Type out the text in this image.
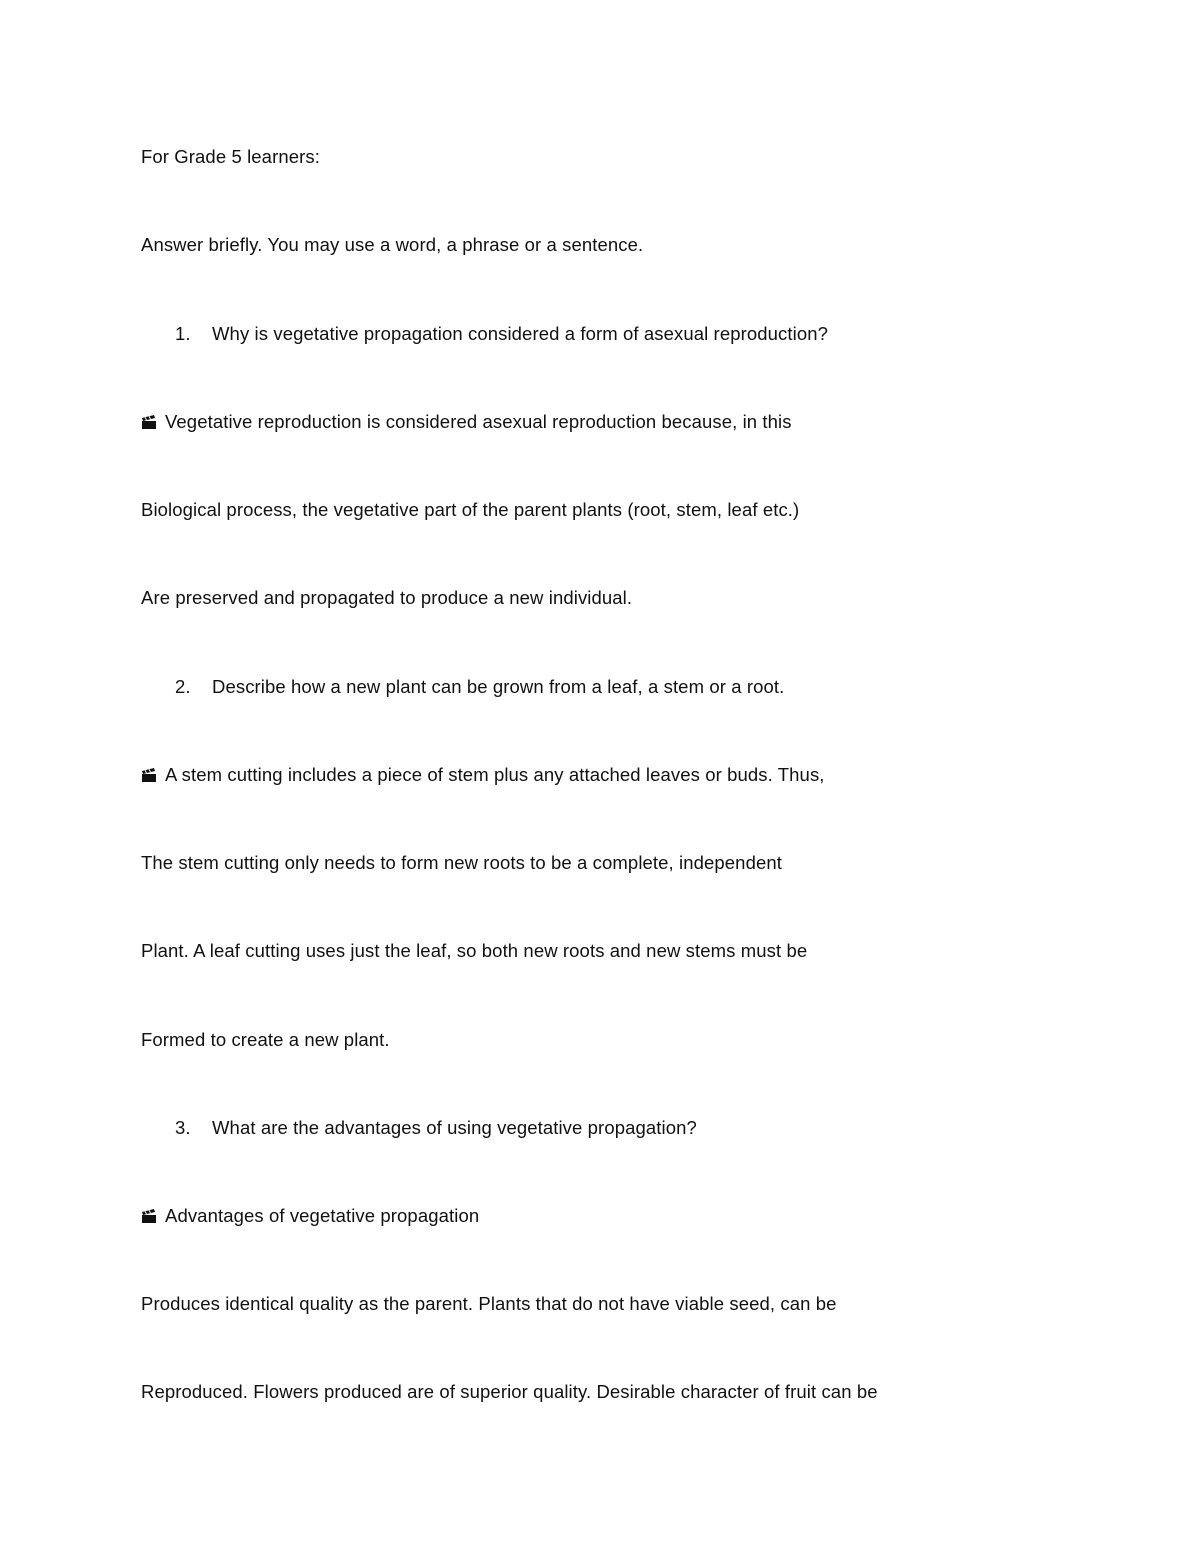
For Grade 5 learners:
Answer briefly. You may use a word, a phrase or a sentence.
1. Why is vegetative propagation considered a form of asexual reproduction?
Vegetative reproduction is considered asexual reproduction because, in this
Biological process, the vegetative part of the parent plants (root, stem, leaf etc.)
Are preserved and propagated to produce a new individual.
2. Describe how a new plant can be grown from a leaf, a stem or a root.
A stem cutting includes a piece of stem plus any attached leaves or buds. Thus,
The stem cutting only needs to form new roots to be a complete, independent
Plant. A leaf cutting uses just the leaf, so both new roots and new stems must be
Formed to create a new plant.
3. What are the advantages of using vegetative propagation?
Advantages of vegetative propagation
Produces identical quality as the parent. Plants that do not have viable seed, can be
Reproduced. Flowers produced are of superior quality. Desirable character of fruit can be
